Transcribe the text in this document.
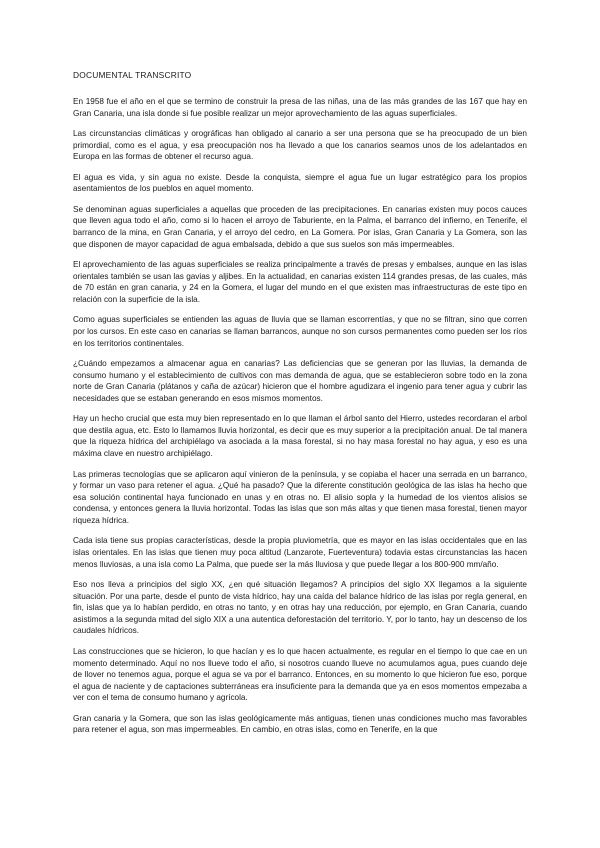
DOCUMENTAL TRANSCRITO

En 1958 fue el año en el que se termino de construir la presa de las niñas, una de las más grandes de las 167 que hay en Gran Canaria, una isla donde si fue posible realizar un mejor aprovechamiento de las aguas superficiales.

Las circunstancias climáticas y orográficas han obligado al canario a ser una persona que se ha preocupado de un bien primordial, como es el agua, y esa preocupación nos ha llevado a que los canarios seamos unos de los adelantados en Europa en las formas de obtener el recurso agua.

El agua es vida, y sin agua no existe. Desde la conquista, siempre el agua fue un lugar estratégico para los propios asentamientos de los pueblos en aquel momento.

Se denominan aguas superficiales a aquellas que proceden de las precipitaciones. En canarias existen muy pocos cauces que lleven agua todo el año, como si lo hacen el arroyo de Taburiente, en la Palma, el barranco del infierno, en Tenerife, el barranco de la mina, en Gran Canaria, y el arroyo del cedro, en La Gomera. Por islas, Gran Canaria y La Gomera, son las que disponen de mayor capacidad de agua embalsada, debido a que sus suelos son más impermeables.

El aprovechamiento de las aguas superficiales se realiza principalmente a través de presas y embalses, aunque en las islas orientales también se usan las gavias y aljibes. En la actualidad, en canarias existen 114 grandes presas, de las cuales, más de 70 están en gran canaria, y 24 en la Gomera, el lugar del mundo en el que existen mas infraestructuras de este tipo en relación con la superficie de la isla.

Como aguas superficiales se entienden las aguas de lluvia que se llaman escorrentías, y que no se filtran, sino que corren por los cursos. En este caso en canarias se llaman barrancos, aunque no son cursos permanentes como pueden ser los ríos en los territorios continentales.

¿Cuándo empezamos a almacenar agua en canarias? Las deficiencias que se generan por las lluvias, la demanda de consumo humano y el establecimiento de cultivos con mas demanda de agua, que se establecieron sobre todo en la zona norte de Gran Canaria (plátanos y caña de azúcar) hicieron que el hombre agudizara el ingenio para tener agua y cubrir las necesidades que se estaban generando en esos mismos momentos.

Hay un hecho crucial que esta muy bien representado en lo que llaman el árbol santo del Hierro, ustedes recordaran el arbol que destila agua, etc. Esto lo llamamos lluvia horizontal, es decir que es muy superior a la precipitación anual. De tal manera que la riqueza hídrica del archipiélago va asociada a la masa forestal, si no hay masa forestal no hay agua, y eso es una máxima clave en nuestro archipiélago.

Las primeras tecnologías que se aplicaron aquí vinieron de la península, y se copiaba el hacer una serrada en un barranco, y formar un vaso para retener el agua. ¿Qué ha pasado? Que la diferente constitución geológica de las islas ha hecho que esa solución continental haya funcionado en unas y en otras no. El alisio sopla y la humedad de los vientos alisios se condensa, y entonces genera la lluvia horizontal. Todas las islas que son más altas y que tienen masa forestal, tienen mayor riqueza hídrica.

Cada isla tiene sus propias características, desde la propia pluviometría, que es mayor en las islas occidentales que en las islas orientales. En las islas que tienen muy poca altitud (Lanzarote, Fuerteventura) todavia estas circunstancias las hacen menos lluviosas, a una isla como La Palma, que puede ser la más lluviosa y que puede llegar a los 800-900 mm/año.

Eso nos lleva a principios del siglo XX, ¿en qué situación llegamos? A principios del siglo XX llegamos a la siguiente situación. Por una parte, desde el punto de vista hídrico, hay una caída del balance hídrico de las islas por regla general, en fin, islas que ya lo habían perdido, en otras no tanto, y en otras hay una reducción, por ejemplo, en Gran Canaria, cuando asistimos a la segunda mitad del siglo XIX a una autentica deforestación del territorio. Y, por lo tanto, hay un descenso de los caudales hídricos.

Las construcciones que se hicieron, lo que hacían y es lo que hacen actualmente, es regular en el tiempo lo que cae en un momento determinado. Aquí no nos llueve todo el año, si nosotros cuando llueve no acumulamos agua, pues cuando deje de llover no tenemos agua, porque el agua se va por el barranco. Entonces, en su momento lo que hicieron fue eso, porque el agua de naciente y de captaciones subterráneas era insuficiente para la demanda que ya en esos momentos empezaba a ver con el tema de consumo humano y agrícola.

Gran canaria y la Gomera, que son las islas geológicamente más antiguas, tienen unas condiciones mucho mas favorables para retener el agua, son mas impermeables. En cambio, en otras islas, como en Tenerife, en la que
